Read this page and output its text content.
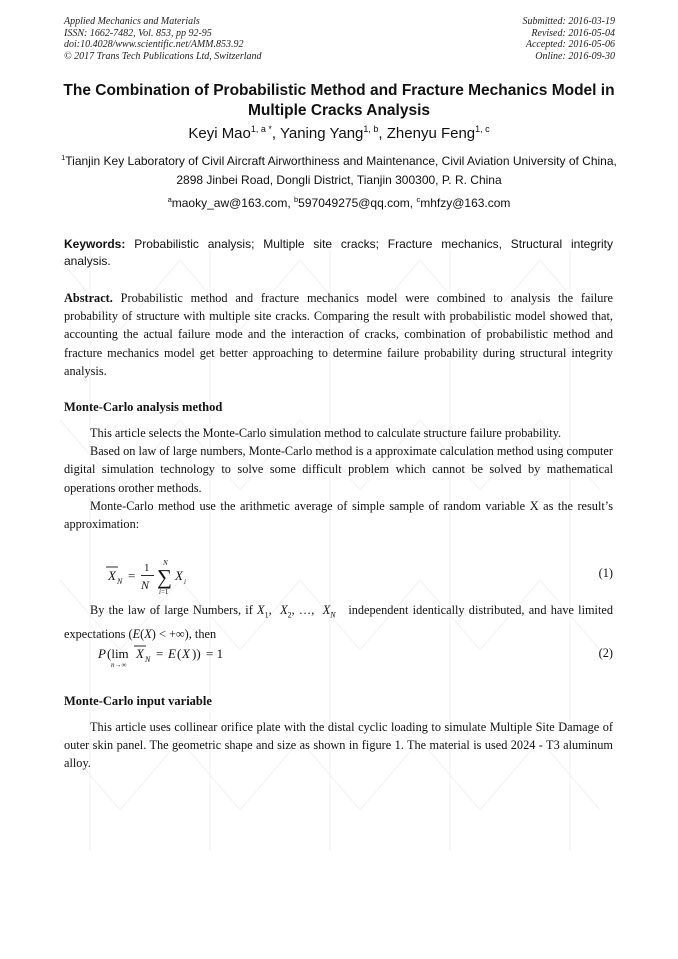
Applied Mechanics and Materials
ISSN: 1662-7482, Vol. 853, pp 92-95
doi:10.4028/www.scientific.net/AMM.853.92
© 2017 Trans Tech Publications Ltd, Switzerland
Submitted: 2016-03-19
Revised: 2016-05-04
Accepted: 2016-05-06
Online: 2016-09-30
The Combination of Probabilistic Method and Fracture Mechanics Model in Multiple Cracks Analysis
Keyi Mao$^{1, a *}$, Yaning Yang$^{1, b}$, Zhenyu Feng$^{1, c}$
$^1$Tianjin Key Laboratory of Civil Aircraft Airworthiness and Maintenance, Civil Aviation University of China, 2898 Jinbei Road, Dongli District, Tianjin 300300, P. R. China
$^a$maoky_aw@163.com, $^b$597049275@qq.com, $^c$mhfzy@163.com
Keywords: Probabilistic analysis; Multiple site cracks; Fracture mechanics, Structural integrity analysis.

Abstract. Probabilistic method and fracture mechanics model were combined to analysis the failure probability of structure with multiple site cracks. Comparing the result with probabilistic model showed that, accounting the actual failure mode and the interaction of cracks, combination of probabilistic method and fracture mechanics model get better approaching to determine failure probability during structural integrity analysis.

Monte-Carlo analysis method

This article selects the Monte-Carlo simulation method to calculate structure failure probability.

Based on law of large numbers, Monte-Carlo method is a approximate calculation method using computer digital simulation technology to solve some difficult problem which cannot be solved by mathematical operations orother methods.

Monte-Carlo method use the arithmetic average of simple sample of random variable X as the result’s approximation:

X N = 1
N
N
∑
i=1
X i
(1)
By the law of large Numbers, if $X_1$,  $X_2$, …,  $X_N$   independent identically distributed, and have limited expectations (E(X) < +∞), then
P (lim
n→∞
X N = E ( X )) = 1	(2)
Monte-Carlo input variable

This article uses collinear orifice plate with the distal cyclic loading to simulate Multiple Site Damage of outer skin panel. The geometric shape and size as shown in figure 1. The material is used 2024 - T3 aluminum alloy.
